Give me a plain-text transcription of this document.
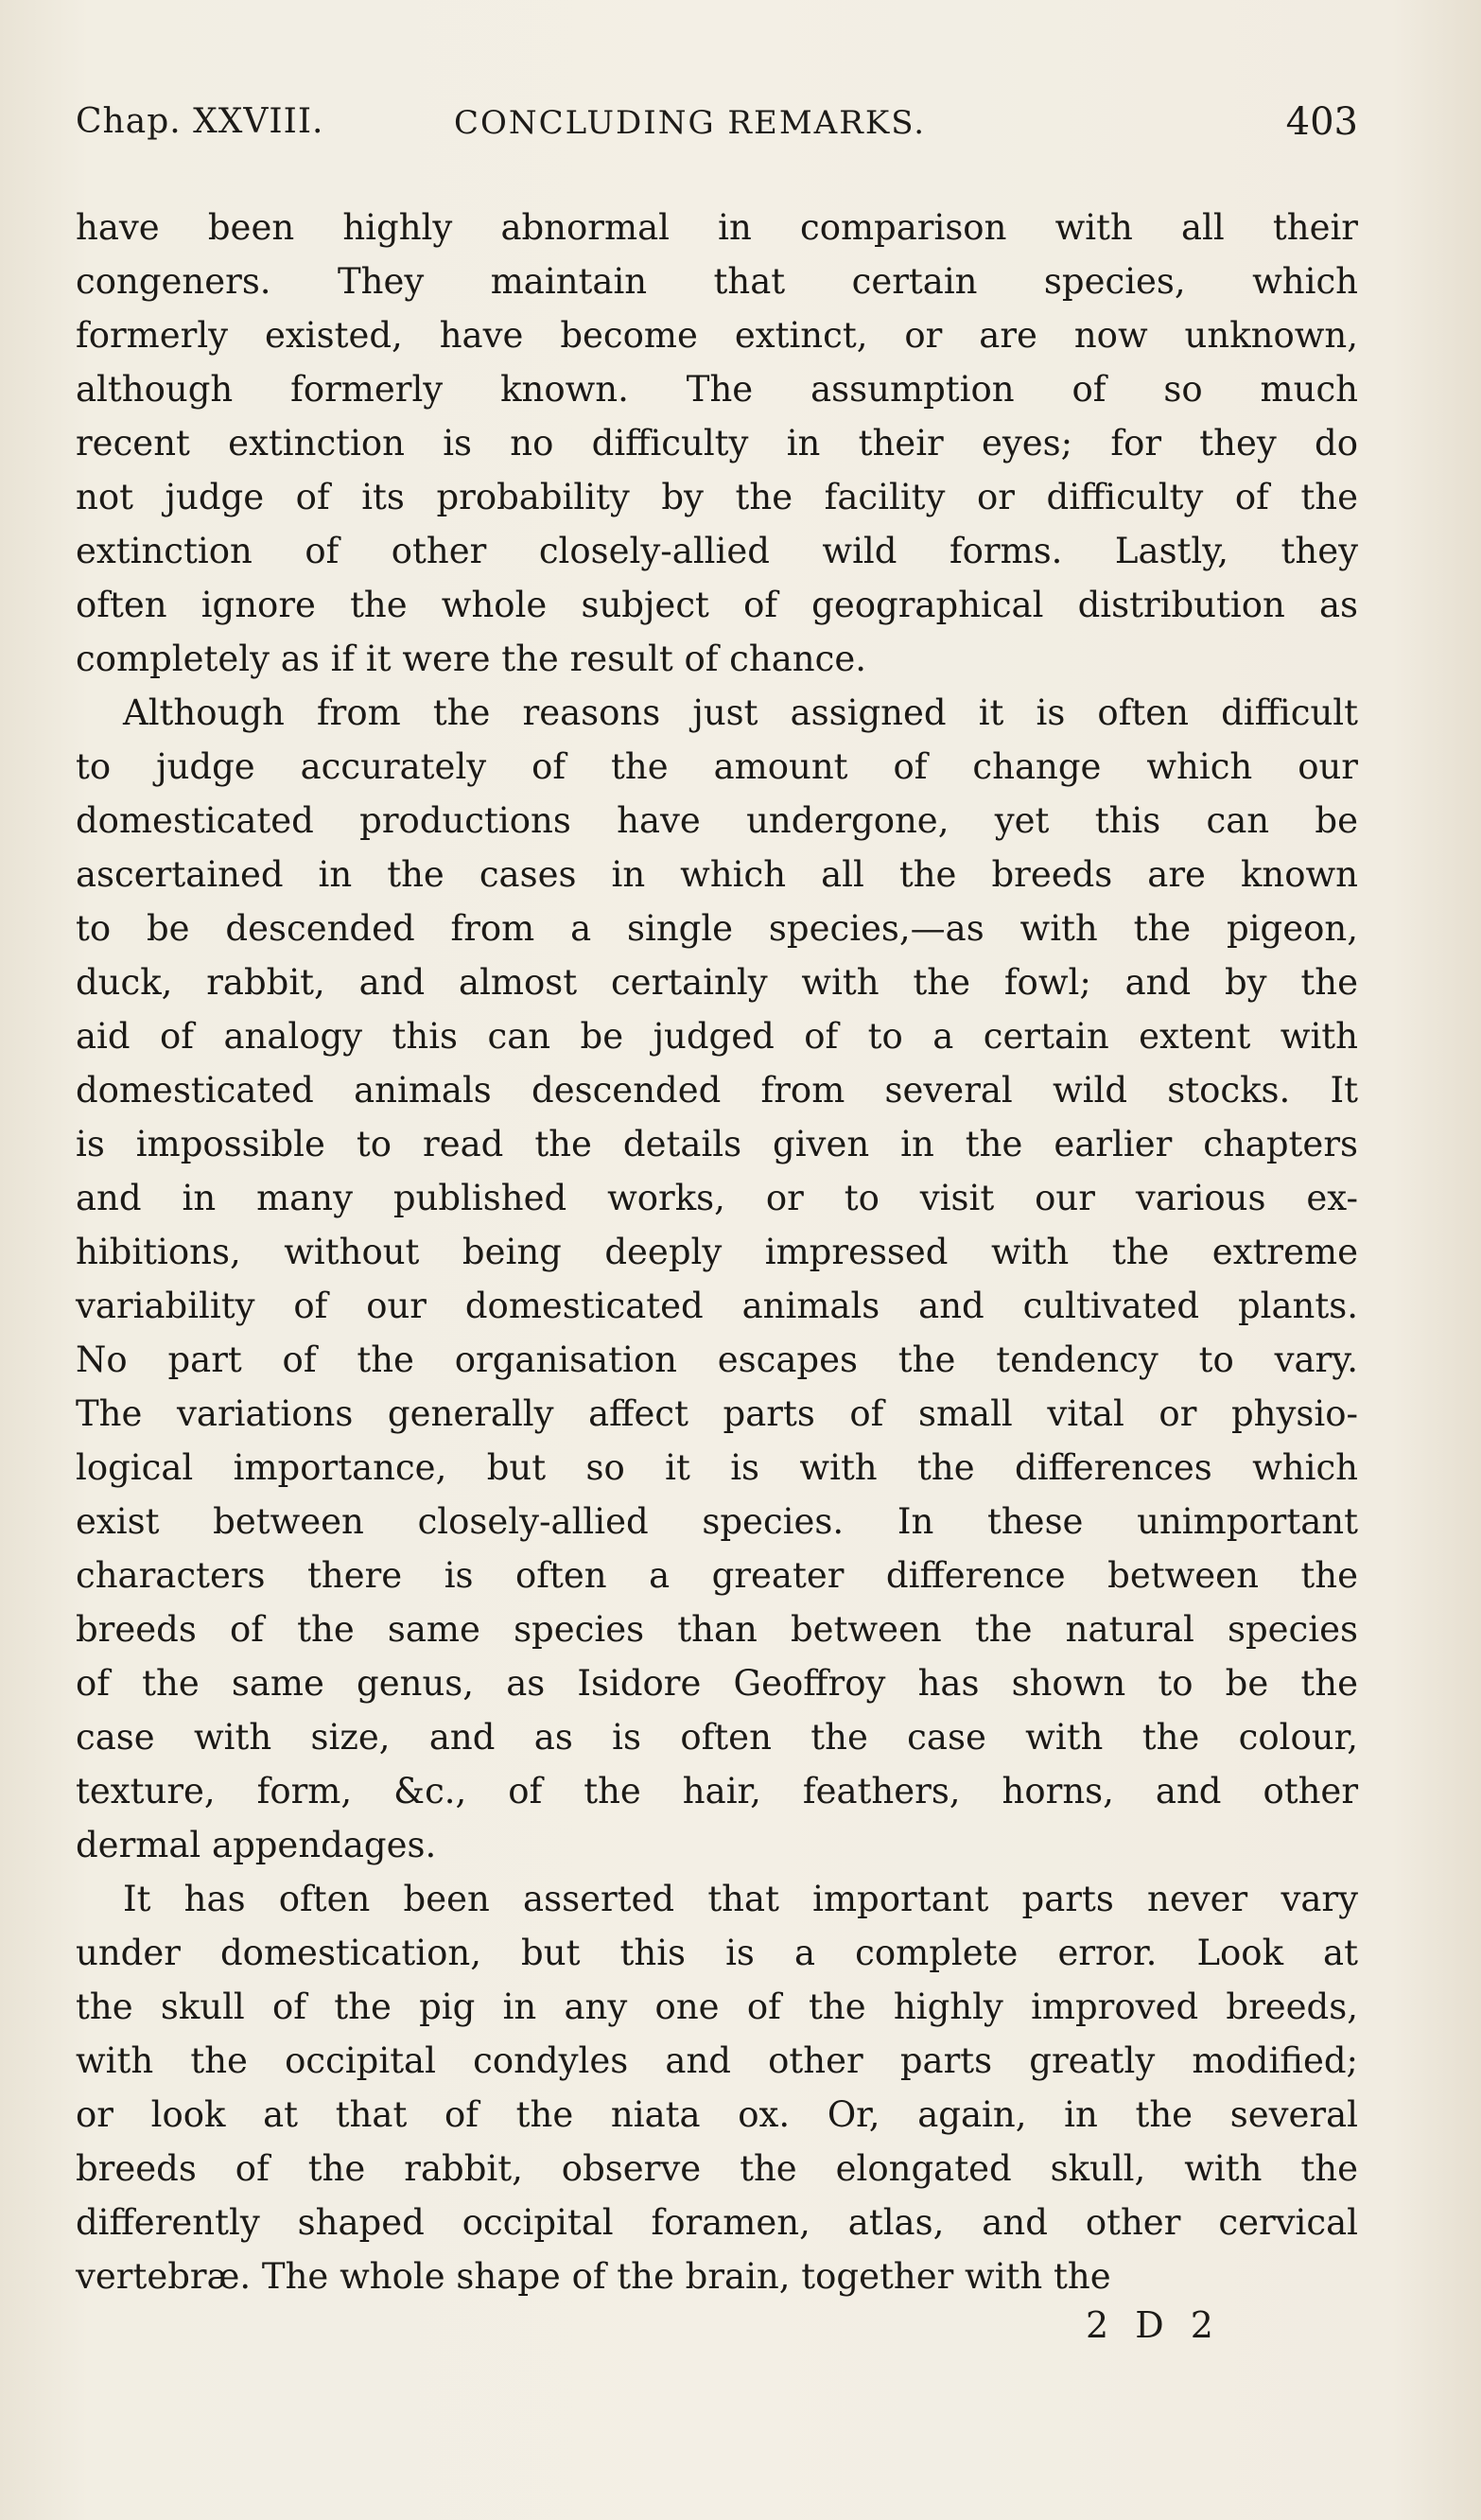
Chap. XXVIII.	CONCLUDING REMARKS.	403
have been highly abnormal in comparison with all their
congeners. They maintain that certain species, which
formerly existed, have become extinct, or are now unknown,
although formerly known. The assumption of so much
recent extinction is no difficulty in their eyes; for they do
not judge of its probability by the facility or difficulty of the
extinction of other closely-allied wild forms. Lastly, they
often ignore the whole subject of geographical distribution as
completely as if it were the result of chance.
Although from the reasons just assigned it is often difficult
to judge accurately of the amount of change which our
domesticated productions have undergone, yet this can be
ascertained in the cases in which all the breeds are known
to be descended from a single species,—as with the pigeon,
duck, rabbit, and almost certainly with the fowl; and by the
aid of analogy this can be judged of to a certain extent with
domesticated animals descended from several wild stocks. It
is impossible to read the details given in the earlier chapters
and in many published works, or to visit our various ex-
hibitions, without being deeply impressed with the extreme
variability of our domesticated animals and cultivated plants.
No part of the organisation escapes the tendency to vary.
The variations generally affect parts of small vital or physio-
logical importance, but so it is with the differences which
exist between closely-allied species. In these unimportant
characters there is often a greater difference between the
breeds of the same species than between the natural species
of the same genus, as Isidore Geoffroy has shown to be the
case with size, and as is often the case with the colour,
texture, form, &c., of the hair, feathers, horns, and other
dermal appendages.
It has often been asserted that important parts never vary
under domestication, but this is a complete error. Look at
the skull of the pig in any one of the highly improved breeds,
with the occipital condyles and other parts greatly modified;
or look at that of the niata ox. Or, again, in the several
breeds of the rabbit, observe the elongated skull, with the
differently shaped occipital foramen, atlas, and other cervical
vertebræ. The whole shape of the brain, together with the
2 D 2
